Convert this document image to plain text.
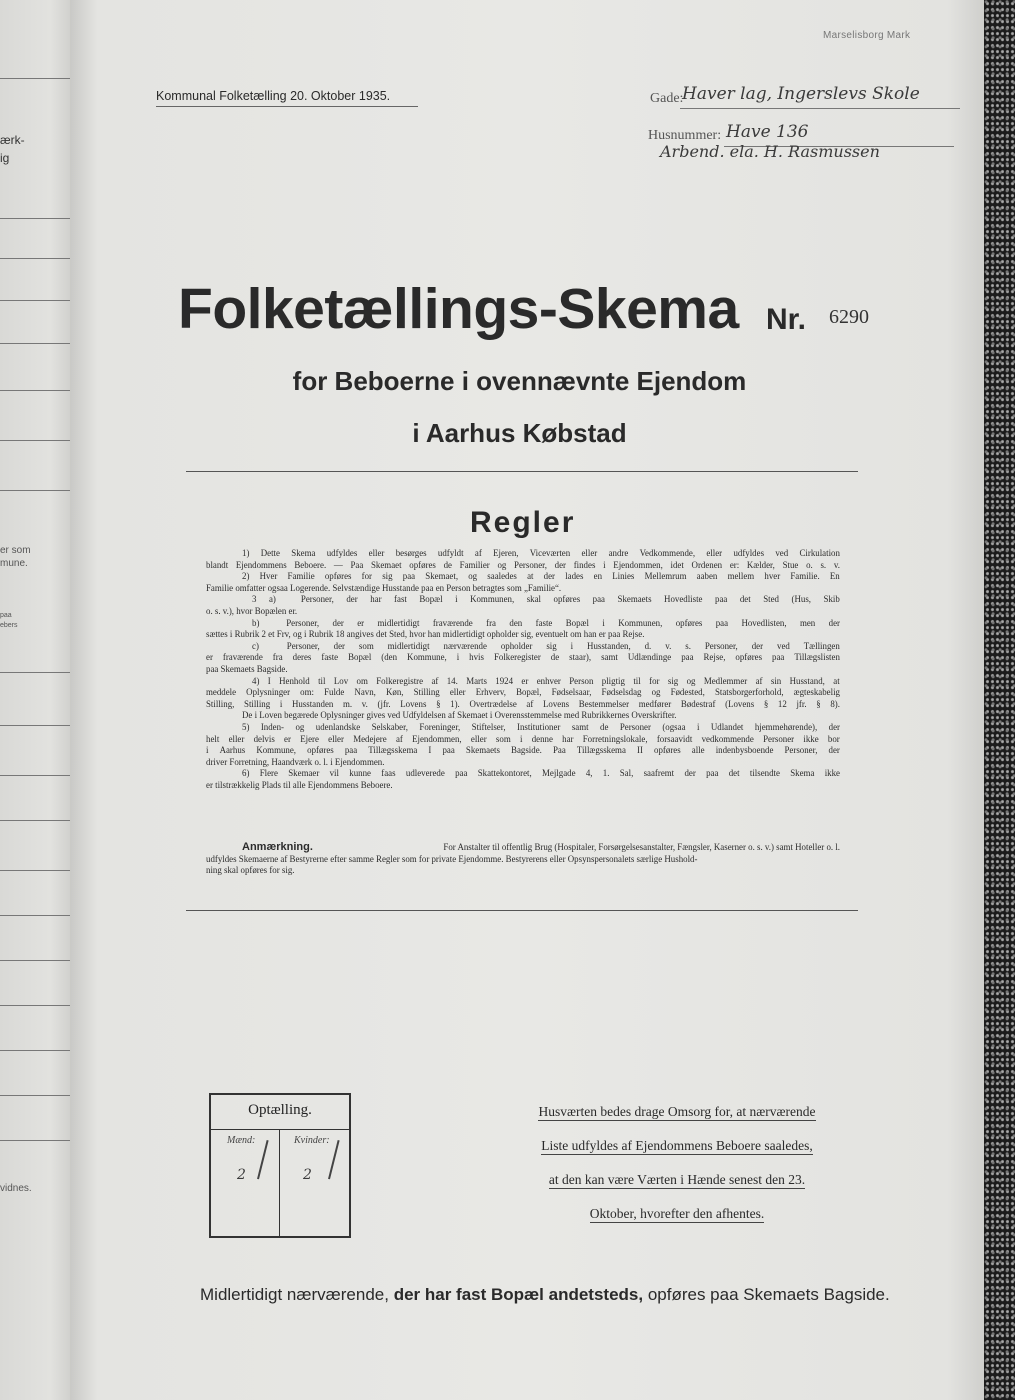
ærk-
ig
er som
mune.
paa
ebers
vidnes.
Marselisborg Mark
Kommunal Folketælling 20. Oktober 1935.	Gade:
Haver lag, Ingerslevs Skole
Husnummer: Have 136
Arbend. ela. H. Rasmussen
Folketællings-Skema Nr. 6290
for Beboerne i ovennævnte Ejendom
i Aarhus Købstad
Regler
1) Dette Skema udfyldes eller besørges udfyldt af Ejeren, Viceværten eller andre Vedkommende, eller udfyldes ved Cirkulation
blandt Ejendommens Beboere. — Paa Skemaet opføres de Familier og Personer, der findes i Ejendommen, idet Ordenen er: Kælder, Stue o. s. v.
2) Hver Familie opføres for sig paa Skemaet, og saaledes at der lades en Linies Mellemrum aaben mellem hver Familie. En
Familie omfatter ogsaa Logerende. Selvstændige Husstande paa en Person betragtes som „Familie“.
3 a)	Personer, der har fast Bopæl i Kommunen, skal opføres paa Skemaets Hovedliste paa det Sted (Hus, Skib
o. s. v.), hvor Bopælen er.
b)	Personer, der er midlertidigt fraværende fra den faste Bopæl i Kommunen, opføres paa Hovedlisten, men der
sættes i Rubrik 2 et Frv, og i Rubrik 18 angives det Sted, hvor han midlertidigt opholder sig, eventuelt om han er paa Rejse.
c)	Personer, der som midlertidigt nærværende opholder sig i Husstanden, d. v. s. Personer, der ved Tællingen
er fraværende fra deres faste Bopæl (den Kommune, i hvis Folkeregister de staar), samt Udlændinge paa Rejse, opføres paa Tillægslisten
paa Skemaets Bagside.
4) I Henhold til Lov om Folkeregistre af 14. Marts 1924 er enhver Person pligtig til for sig og Medlemmer af sin Husstand, at
meddele Oplysninger om: Fulde Navn, Køn, Stilling eller Erhverv, Bopæl, Fødselsaar, Fødselsdag og Fødested, Statsborgerforhold, ægteskabelig
Stilling, Stilling i Husstanden m. v. (jfr. Lovens § 1). Overtrædelse af Lovens Bestemmelser medfører Bødestraf (Lovens § 12 jfr. § 8).
De i Loven begærede Oplysninger gives ved Udfyldelsen af Skemaet i Overensstemmelse med Rubrikkernes Overskrifter.
5) Inden- og udenlandske Selskaber, Foreninger, Stiftelser, Institutioner samt de Personer (ogsaa i Udlandet hjemmehørende), der
helt eller delvis er Ejere eller Medejere af Ejendommen, eller som i denne har Forretningslokale, forsaavidt vedkommende Personer ikke bor
i Aarhus Kommune, opføres paa Tillægsskema I paa Skemaets Bagside. Paa Tillægsskema II opføres alle indenbysboende Personer, der
driver Forretning, Haandværk o. l. i Ejendommen.
6) Flere Skemaer vil kunne faas udleverede paa Skattekontoret, Mejlgade 4, 1. Sal, saafremt der paa det tilsendte Skema ikke
er tilstrækkelig Plads til alle Ejendommens Beboere.
Anmærkning.	For Anstalter til offentlig Brug (Hospitaler, Forsørgelsesanstalter, Fængsler, Kaserner o. s. v.) samt Hoteller o. l.
udfyldes Skemaerne af Bestyrerne efter samme Regler som for private Ejendomme. Bestyrerens eller Opsynspersonalets særlige Hushold-
ning skal opføres for sig.
Optælling.
Mænd:	Kvinder:
2	2
Husværten bedes drage Omsorg for, at nærværende
Liste udfyldes af Ejendommens Beboere saaledes,
at den kan være Værten i Hænde senest den 23.
Oktober, hvorefter den afhentes.
Midlertidigt nærværende, der har fast Bopæl andetsteds, opføres paa Skemaets Bagside.
